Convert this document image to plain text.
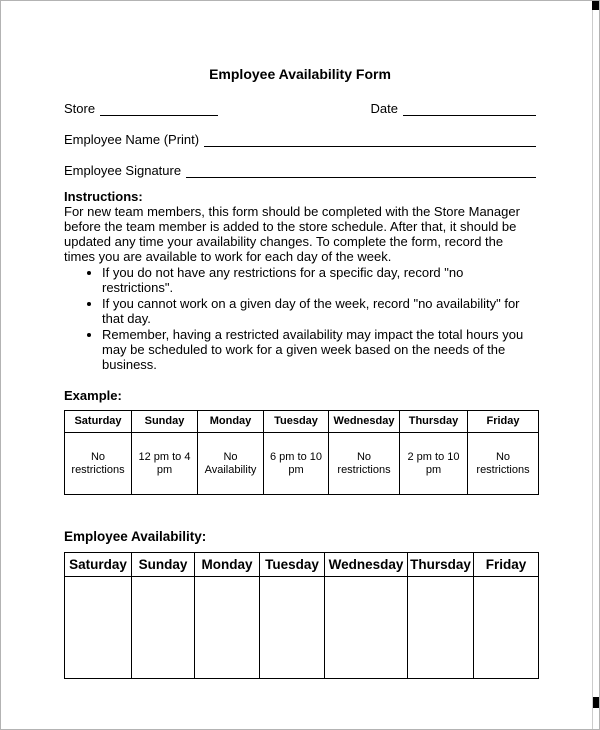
Employee Availability Form
Store	Date
Employee Name (Print)
Employee Signature
Instructions:

For new team members, this form should be completed with the Store Manager before the team member is added to the store schedule. After that, it should be updated any time your availability changes. To complete the form, record the times you are available to work for each day of the week.

• If you do not have any restrictions for a specific day, record "no restrictions".
• If you cannot work on a given day of the week, record "no availability" for that day.
• Remember, having a restricted availability may impact the total hours you may be scheduled to work for a given week based on the needs of the business.
Example:
Saturday	Sunday	Monday	Tuesday	Wednesday	Thursday	Friday
No restrictions	12 pm to 4 pm	No Availability	6 pm to 10 pm	No restrictions	2 pm to 10 pm	No restrictions
Employee Availability:
Saturday	Sunday	Monday	Tuesday	Wednesday	Thursday	Friday
